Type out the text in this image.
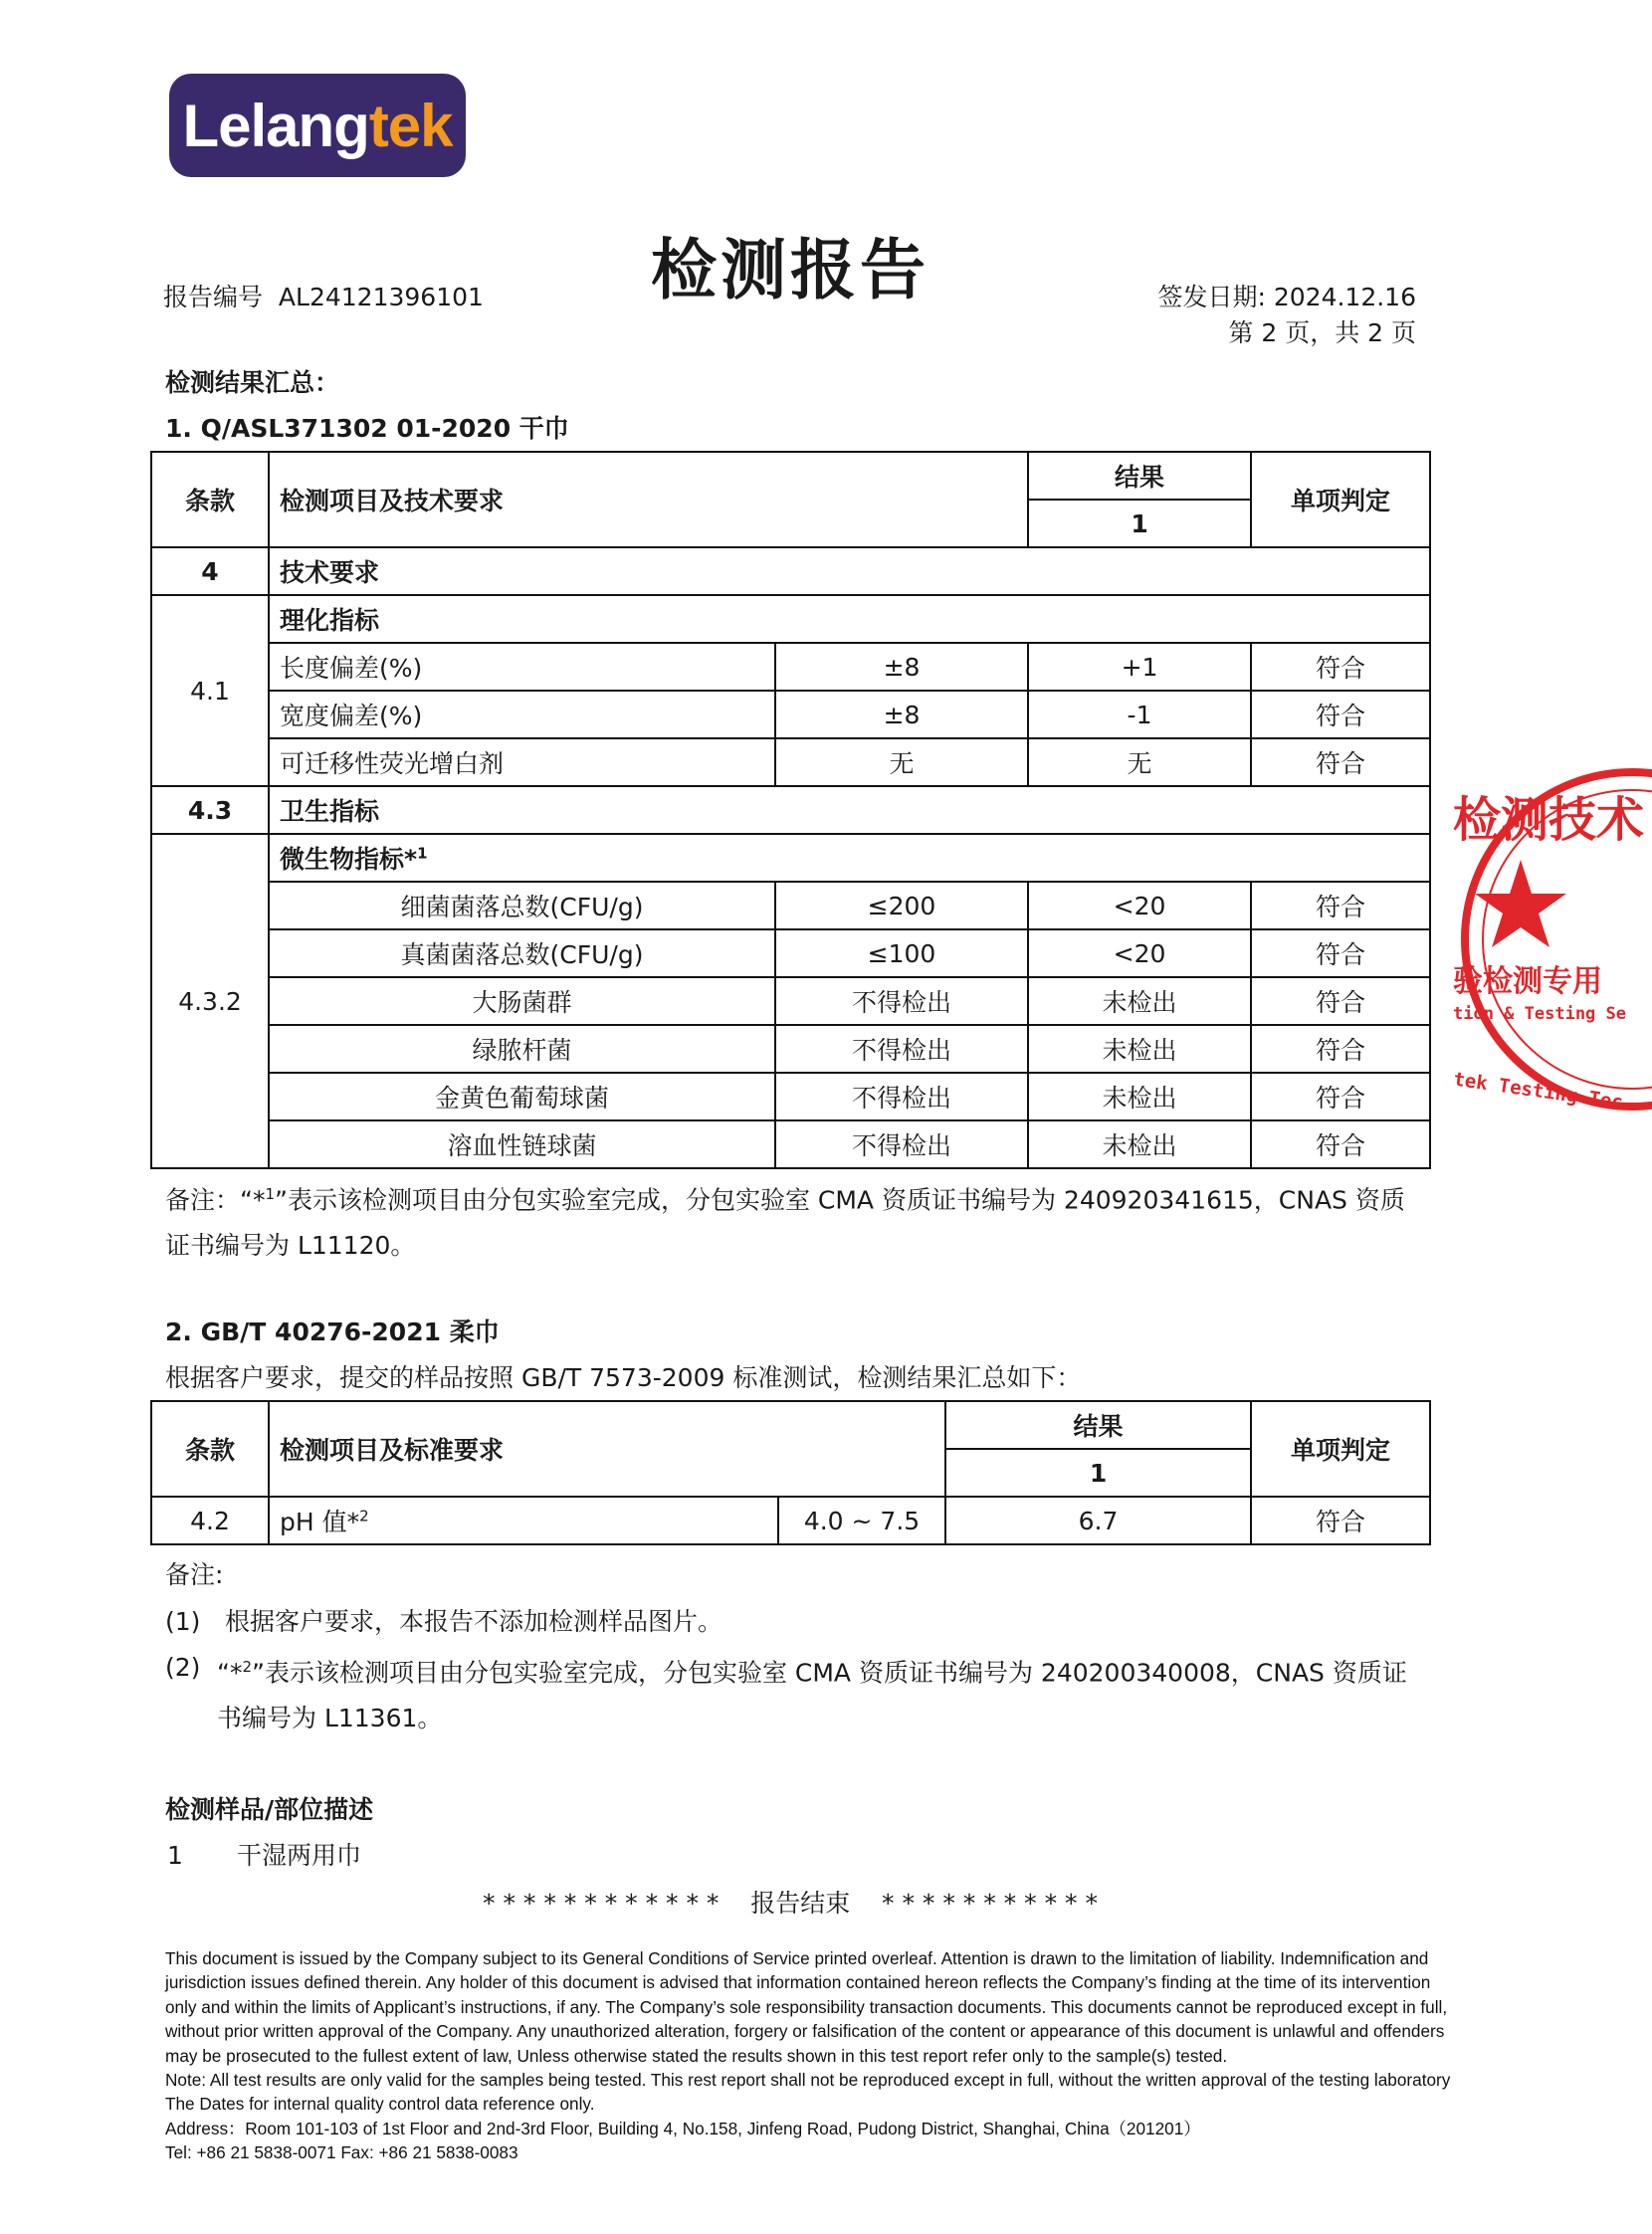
Lelang tek
检测报告
报告编号 AL24121396101	签发日期: 2024.12.16
第 2 页，共 2 页
检测结果汇总：
1. Q/ASL371302 01-2020 干巾
条款	检测项目及技术要求		结果	单项判定
			1	
4	技术要求			
4.1	理化指标			
	长度偏差(%)	±8	+1	符合
	宽度偏差(%)	±8	-1	符合
	可迁移性荧光增白剂	无	无	符合
4.3	卫生指标			
4.3.2	微生物指标*$^1$
	细菌菌落总数(CFU/g)	≤200	<20	符合
	真菌菌落总数(CFU/g)	≤100	<20	符合
	大肠菌群	不得检出	未检出	符合
	绿脓杆菌	不得检出	未检出	符合
	金黄色葡萄球菌	不得检出	未检出	符合
	溶血性链球菌	不得检出	未检出	符合
备注：“*$^1$”表示该检测项目由分包实验室完成，分包实验室 CMA 资质证书编号为 240920341615，CNAS 资质证书编号为 L11120。
2. GB/T 40276-2021 柔巾
根据客户要求，提交的样品按照 GB/T 7573-2009 标准测试，检测结果汇总如下：
条款	检测项目及标准要求		结果	单项判定
			1	
4.2	pH 值*$^2$	4.0 ~ 7.5	6.7	符合
备注:
(1) 根据客户要求，本报告不添加检测样品图片。
(2) “*$^2$”表示该检测项目由分包实验室完成，分包实验室 CMA 资质证书编号为 240200340008，CNAS 资质证书编号为 L11361。
检测样品/部位描述
1 干湿两用巾
* * * * * * * * * * * *    报告结束    * * * * * * * * * * *
检测技术
验检测专用
tion & Testing Se
tek Testing Tec

This document is issued by the Company subject to its General Conditions of Service printed overleaf. Attention is drawn to the limitation of liability. Indemnification and jurisdiction issues defined therein. Any holder of this document is advised that information contained hereon reflects the Company’s finding at the time of its intervention only and within the limits of Applicant’s instructions, if any. The Company’s sole responsibility transaction documents. This documents cannot be reproduced except in full, without prior written approval of the Company. Any unauthorized alteration, forgery or falsification of the content or appearance of this document is unlawful and offenders may be prosecuted to the fullest extent of law, Unless otherwise stated the results shown in this test report refer only to the sample(s) tested.

Note: All test results are only valid for the samples being tested. This rest report shall not be reproduced except in full, without the written approval of the testing laboratory The Dates for internal quality control data reference only.

Address：Room 101-103 of 1st Floor and 2nd-3rd Floor, Building 4, No.158, Jinfeng Road, Pudong District, Shanghai, China（201201）

Tel: +86 21 5838-0071 Fax: +86 21 5838-0083
